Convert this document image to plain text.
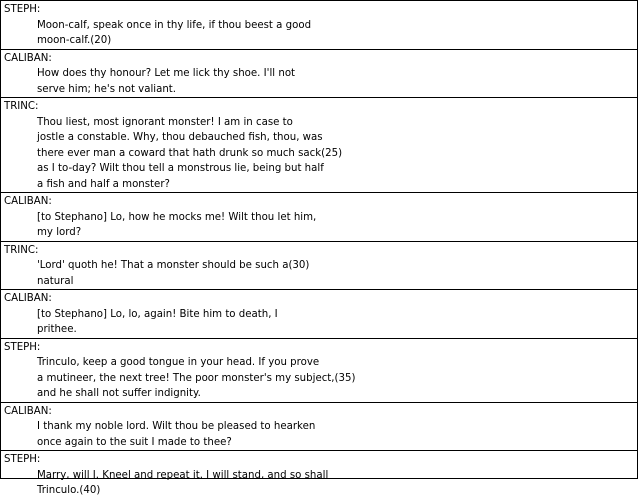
STEPH:
Moon-calf, speak once in thy life, if thou beest a good
moon-calf.(20)
CALIBAN:
How does thy honour? Let me lick thy shoe. I'll not
serve him; he's not valiant.
TRINC:
Thou liest, most ignorant monster! I am in case to
jostle a constable. Why, thou debauched fish, thou, was
there ever man a coward that hath drunk so much sack(25)
as I to-day? Wilt thou tell a monstrous lie, being but half
a fish and half a monster?
CALIBAN:
[to Stephano] Lo, how he mocks me! Wilt thou let him,
my lord?
TRINC:
'Lord' quoth he! That a monster should be such a(30)
natural
CALIBAN:
[to Stephano] Lo, lo, again! Bite him to death, I
prithee.
STEPH:
Trinculo, keep a good tongue in your head. If you prove
a mutineer, the next tree! The poor monster's my subject,(35)
and he shall not suffer indignity.
CALIBAN:
I thank my noble lord. Wilt thou be pleased to hearken
once again to the suit I made to thee?
STEPH:
Marry, will I. Kneel and repeat it. I will stand, and so shall
Trinculo.(40)
